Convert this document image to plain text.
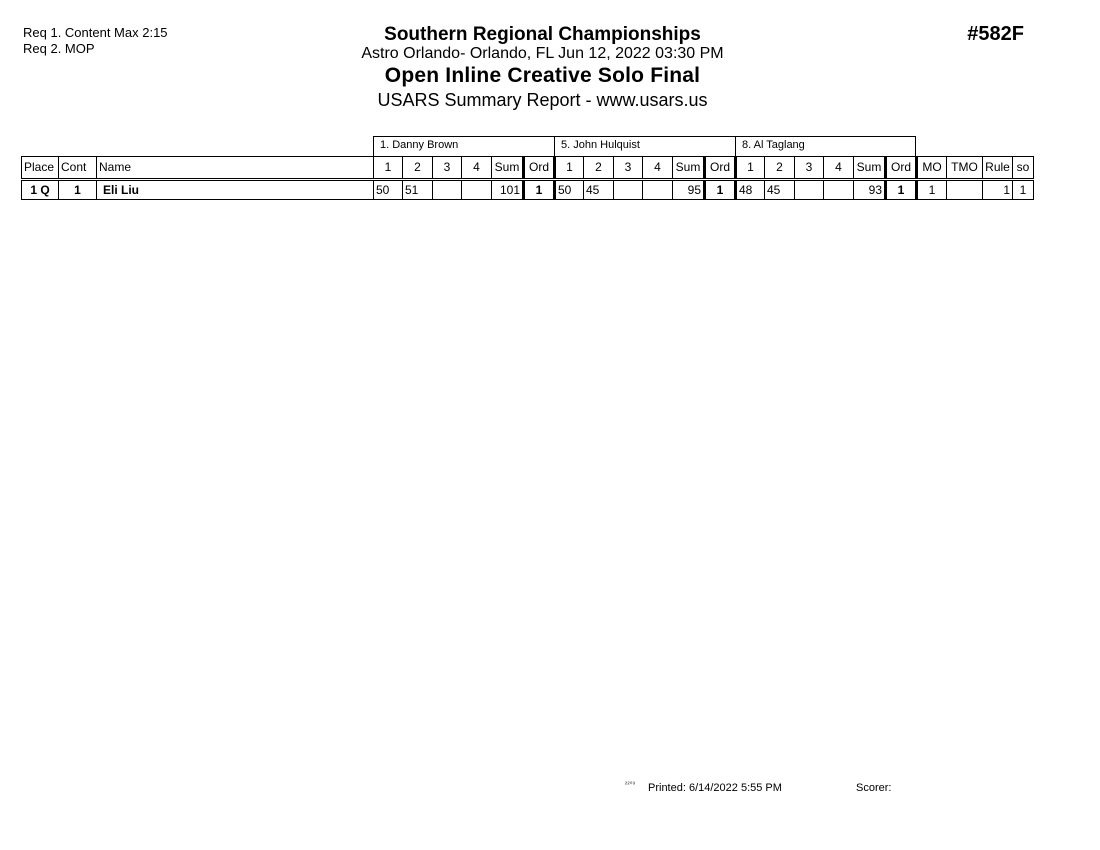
Req 1. Content Max 2:15
Req 2. MOP
Southern Regional Championships
Astro Orlando- Orlando, FL Jun 12, 2022 03:30 PM
Open Inline Creative Solo Final
USARS Summary Report - www.usars.us
#582F
1. Danny Brown	5. John Hulquist	8. Al Taglang
Place	Cont	Name	1	2	3	4	Sum	Ord	1	2	3	4	Sum	Ord	1	2	3	4	Sum	Ord	MO	TMO	Rule	so
1 Q	1	Eli Liu	50	51			101	1	50	45			95	1	48	45			93	1	1		1	1
²²⁰³ Printed: 6/14/2022 5:55 PM	Scorer:
